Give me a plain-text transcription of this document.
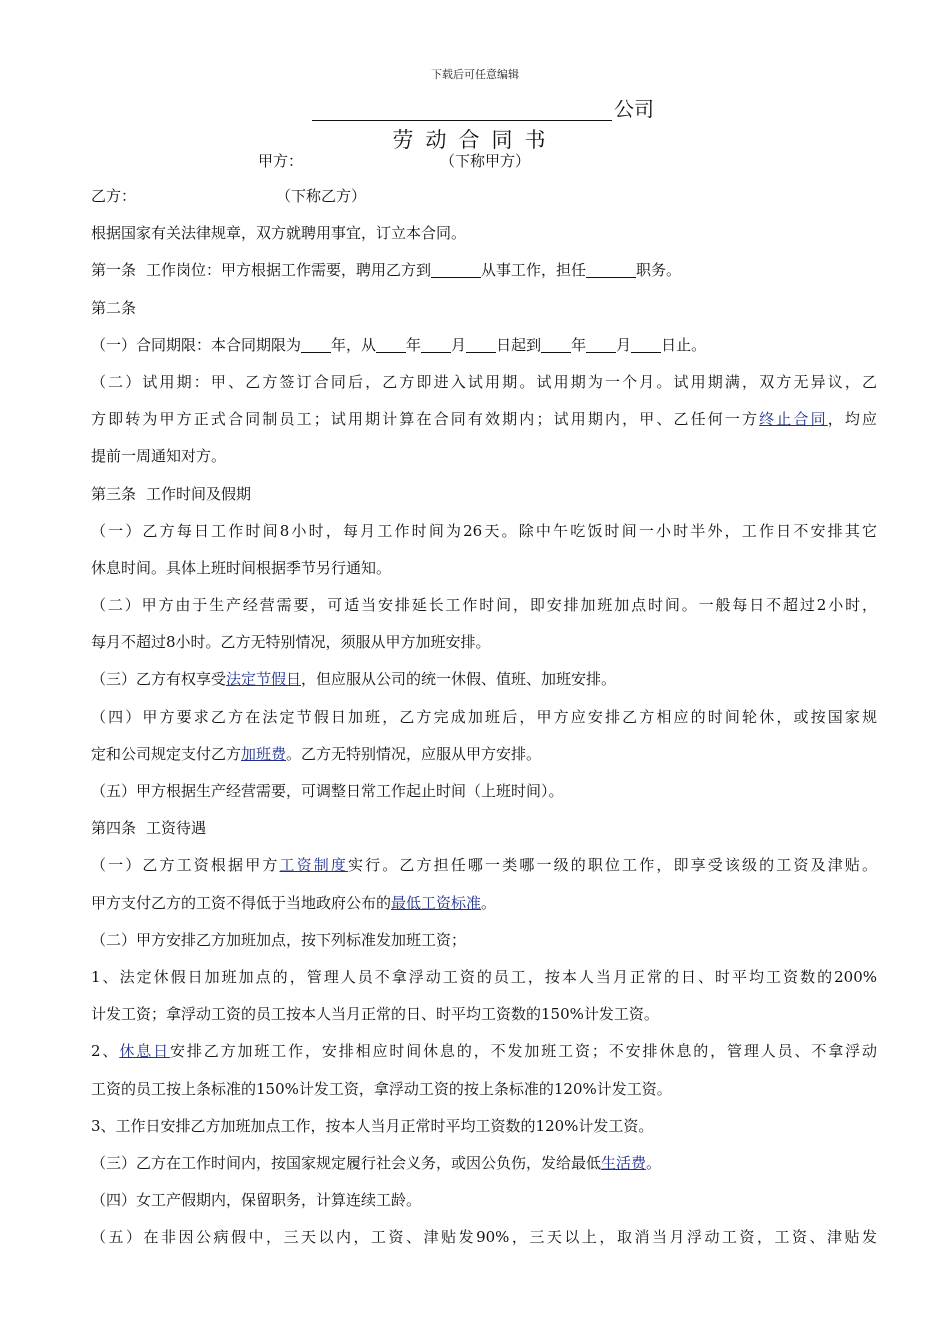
下载后可任意编辑
公司
劳动合同书
甲方：	（下称甲方）
乙方：	（下称乙方）
根据国家有关法律规章，双方就聘用事宜，订立本合同。
第一条 工作岗位：甲方根据工作需要，聘用乙方到	从事工作，担任	职务。
第二条
（一）合同期限：本合同期限为 年，从 年 月 日起到 年 月 日止。
（二）试用期：甲、乙方签订合同后，乙方即进入试用期。试用期为一个月。试用期满，双方无异议，乙
方即转为甲方正式合同制员工；试用期计算在合同有效期内；试用期内，甲、乙任何一方终止合同，均应
提前一周通知对方。
第三条 工作时间及假期
（一）乙方每日工作时间8小时，每月工作时间为26天。除中午吃饭时间一小时半外，工作日不安排其它
休息时间。具体上班时间根据季节另行通知。
（二）甲方由于生产经营需要，可适当安排延长工作时间，即安排加班加点时间。一般每日不超过2小时，
每月不超过8小时。乙方无特别情况，须服从甲方加班安排。
（三）乙方有权享受法定节假日，但应服从公司的统一休假、值班、加班安排。
（四）甲方要求乙方在法定节假日加班，乙方完成加班后，甲方应安排乙方相应的时间轮休，或按国家规
定和公司规定支付乙方加班费。乙方无特别情况，应服从甲方安排。
（五）甲方根据生产经营需要，可调整日常工作起止时间（上班时间）。
第四条 工资待遇
（一）乙方工资根据甲方工资制度实行。乙方担任哪一类哪一级的职位工作，即享受该级的工资及津贴。
甲方支付乙方的工资不得低于当地政府公布的最低工资标准。
（二）甲方安排乙方加班加点，按下列标准发加班工资；
1、法定休假日加班加点的，管理人员不拿浮动工资的员工，按本人当月正常的日、时平均工资数的200%
计发工资；拿浮动工资的员工按本人当月正常的日、时平均工资数的150%计发工资。
2、休息日安排乙方加班工作，安排相应时间休息的，不发加班工资；不安排休息的，管理人员、不拿浮动
工资的员工按上条标准的150%计发工资，拿浮动工资的按上条标准的120%计发工资。
3、工作日安排乙方加班加点工作，按本人当月正常时平均工资数的120%计发工资。
（三）乙方在工作时间内，按国家规定履行社会义务，或因公负伤，发给最低生活费。
（四）女工产假期内，保留职务，计算连续工龄。
（五）在非因公病假中，三天以内，工资、津贴发90%，三天以上，取消当月浮动工资，工资、津贴发
